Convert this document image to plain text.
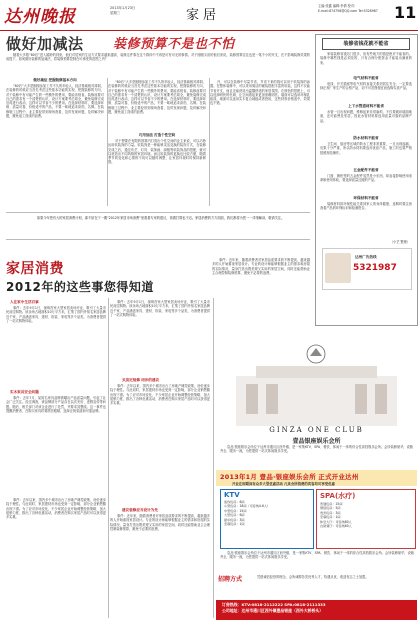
达州晚报	2013年1月23日
星期三	家居
主编:张鑫 编辑:李倩 校对:
E-mail:874758@QQ.com Tel:5328987	11
做好加减法 装修预算不是也不怕

随着大多数“80后”进入婚龄的到来，他们对居家的生活方式要求越来越高，装修这件事在这个群体中不再是可有可无的事情。对于刚刚买房的他们来说，装修预算往往也是一笔不小的开支，在不影响装修效果的前提下，如何做好装修的加减法，将装修预算控制在可承受的范围之内？

做好减法 把握装修基本方向

“80后”大多是刚刚参加工作不久的年轻人，经济基础相对薄弱，在装修的时候应当首先考虑这些基本功能的实现，把握装修的方向，对于装修中有可能产生的一些额外的费用，要能省则省。装修前要对自己的需求有一个清楚的认识，设计方案要考虑周全，避免装修完成后再进行改动，这样可以节省不少的费用。在选择材料时，要选择环保、质量可靠、价格适中的产品，不要一味地追求高档、名牌。在装修施工过程中，业主要经常到现场查看，及时发现问题，及时解决问题，避免返工造成的浪费。

巧用加法 打造个性空间

“80后”大多是刚刚参加工作不久的年轻人，经济基础相对薄弱，在装修的时候应当首先考虑这些基本功能的实现，把握装修的方向，对于装修中有可能产生的一些额外的费用，要能省则省。装修前要对自己的需求有一个清楚的认识，设计方案要考虑周全，避免装修完成后再进行改动，这样可以节省不少的费用。在选择材料时，要选择环保、质量可靠、价格适中的产品，不要一味地追求高档、名牌。在装修施工过程中，业主要经常到现场查看，及时发现问题，及时解决问题，避免返工造成的浪费。

对于想要在有限的预算内打造出个性空间的业主来说，可以巧妙运用软装饰的力量。软装饰是一种能够灵活变换的装饰方式，在装修完成之后，通过布艺、灯具、装饰画、绿植等软装饰品的搭配，就可以营造出不同风格的家居环境。而且软装饰的更换也比较方便，随着季节的变化和心情的不同可以随时调整，让家居环境时时保持新鲜感。

开，可以在装修中尽量节省，节省下来的钱可以用于软装饰的添置。在整体装修中，可以采用简洁的硬装搭配丰富的软装，这样不仅能节省开支，而且还能营造出温馨舒适的家居氛围。在颜色的搭配上，可以选择明快的色调，让空间看起来更加宽敞明亮。墙面可以选用环保乳胶漆，地面可以选用实木复合地板或者瓷砖，这些材料价格适中，效果也不错。

如果今年您有大的家居消费计划，那不妨在下一期“2012年家居市场消费”里看看专家的建议，再做打算也不迟。家居消费的方方面面，我们都将为您一一详细解读，敬请关注。

家居消费
2012年的这些事您得知道
人在家中生活百事

事件：去年9月1日，深圳首家大型家居卖场开业，吸引了大量市民前往购物。该卖场占地面积10万平方米，汇集了国内外知名家居品牌近千家，产品涵盖家具、建材、软装、家电等多个品类，为消费者提供了一站式购物体验。

实木家具安全问题

事件：去年7月，某知名家具品牌被曝出产品质量问题，引起了社会广泛关注。经过调查，该品牌部分产品存在以次充好、虚假宣传等问题。随后，相关部门对该企业进行了处罚，并要求其整改。这一事件也提醒消费者，在购买家具时要擦亮眼睛，选择正规渠道和可靠品牌。

事件：去年以来，国内多个城市出台了房地产调控政策，房价逐步趋于理性。与此同时，家居建材市场也受到一定影响，部分企业销售额出现下滑。为了应对市场变化，不少家居企业开始调整经营策略，加大促销力度，推出了各种优惠活动，消费者在购买家居产品时可以获得更多实惠。

事件：去年9月1日，深圳首家大型家居卖场开业，吸引了大量市民前往购物。该卖场占地面积10万平方米，汇集了国内外知名家居品牌近千家，产品涵盖家具、建材、软装、家电等多个品类，为消费者提供了一站式购物体验。

买房定装修 同步的建议

事件：去年以来，国内多个城市出台了房地产调控政策，房价逐步趋于理性。与此同时，家居建材市场也受到一定影响，部分企业销售额出现下滑。为了应对市场变化，不少家居企业开始调整经营策略，加大促销力度，推出了各种优惠活动，消费者在购买家居产品时可以获得更多实惠。

建议装修应当设计为先

事件：近年来，随着消费者对家居品质要求的不断提高，越来越多的人开始重视家居设计。专业的设计师能够根据业主的需求和房屋的实际情况，量身打造出既美观又实用的家居空间，同时还能帮助业主合理控制装修预算，避免不必要的浪费。

事件：近年来，随着消费者对家居品质要求的不断提高，越来越多的人开始重视家居设计。专业的设计师能够根据业主的需求和房屋的实际情况，量身打造出既美观又实用的家居空间，同时还能帮助业主合理控制装修预算，避免不必要的浪费。

装修省钱花就不能省

家装装修省钱窍门很多，但有些地方的钱是绝对不能省的。装修中哪些钱是必须花的，只有合理分配资金才能装出满意的家。

电气材料不能省

电线、开关插座等电气材料直接关系到居住安全，一定要选择正规厂家生产的合格产品，切不可贪图便宜而选购劣质产品。

上下水管道材料不能省

水管一旦出现问题，维修起来非常麻烦，不仅要破坏墙面地面，还可能殃及邻居，因此水管材料要选用质量可靠的品牌产品。

防水材料不能省

卫生间、厨房等区域的防水工程非常重要，一旦出现渗漏，后果十分严重，所以防水材料要选用优质产品，施工时也要严格按照规范操作。

五金配件不能省

门窗、橱柜等的五金配件虽然是小东西，却直接影响使用寿命和使用体验，要选择质量过硬的产品。

环保材料不能省

装修材料的环保性能关系到家人的身体健康，选购时要注意查看产品的环保标识和检测报告。

（小艺 整理）
达州广告热线
5321987
GINZA ONE CLUB
壹品银座娱乐会所

壹品·银座娱乐会所位于达州市通川区西外镇，是一家集KTV、SPA、餐饮、休闲于一体的综合性高档娱乐会所。会所装修豪华，设施齐全，服务一流，为您提供一站式休闲娱乐享受。

2013年1月 壹品·银座娱乐会所 正式开业达州
开业在即期间有众多大型优惠活动 凡来会所消费的宾客均可享受优惠
KTV
迷你包房：6间
小型包房：18间（可容纳4-6人）
中型包房：15间
大型包房：6间
豪华包房：3间
至尊包房：1间
SPA(水疗)
普通包房：15间
情侣包房：5间
贵宾包房：3间
至尊包房：1间
休息大厅：可容纳80人
自助餐厅：可容纳60人

壹品·银座娱乐会所位于达州市通川区西外镇，是一家集KTV、SPA、餐饮、休闲于一体的综合性高档娱乐会所。会所装修豪华，设施齐全，服务一流，为您提供一站式休闲娱乐享受。

招聘方式	凭借诚信经营的理念，会所诚聘各类优秀人才，待遇从优，欢迎有志之士加盟。

订房热线：KTV:0818-2112222 SPA:0818-2111333
公司地址：达州市通川区西外镇壹品银座（西外大桥桥头）
